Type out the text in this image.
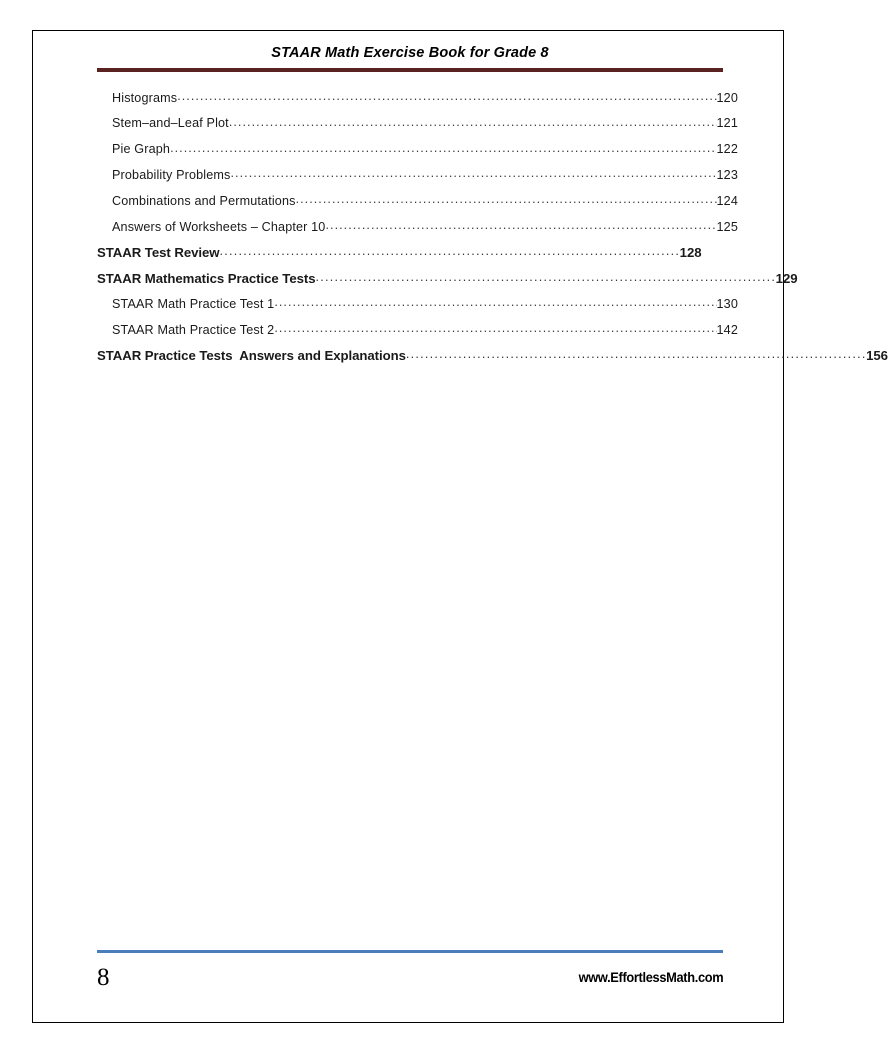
STAAR Math Exercise Book for Grade 8
Histograms .....	120
Stem–and–Leaf Plot .....	121
Pie Graph .....	122
Probability Problems .....	123
Combinations and Permutations .....	124
Answers of Worksheets – Chapter 10 .....	125
STAAR Test Review .....	128
STAAR Mathematics Practice Tests .....	129
STAAR Math Practice Test 1 .....	130
STAAR Math Practice Test 2 .....	142
STAAR Practice Tests  Answers and Explanations .....	156
8	www.EffortlessMath.com
